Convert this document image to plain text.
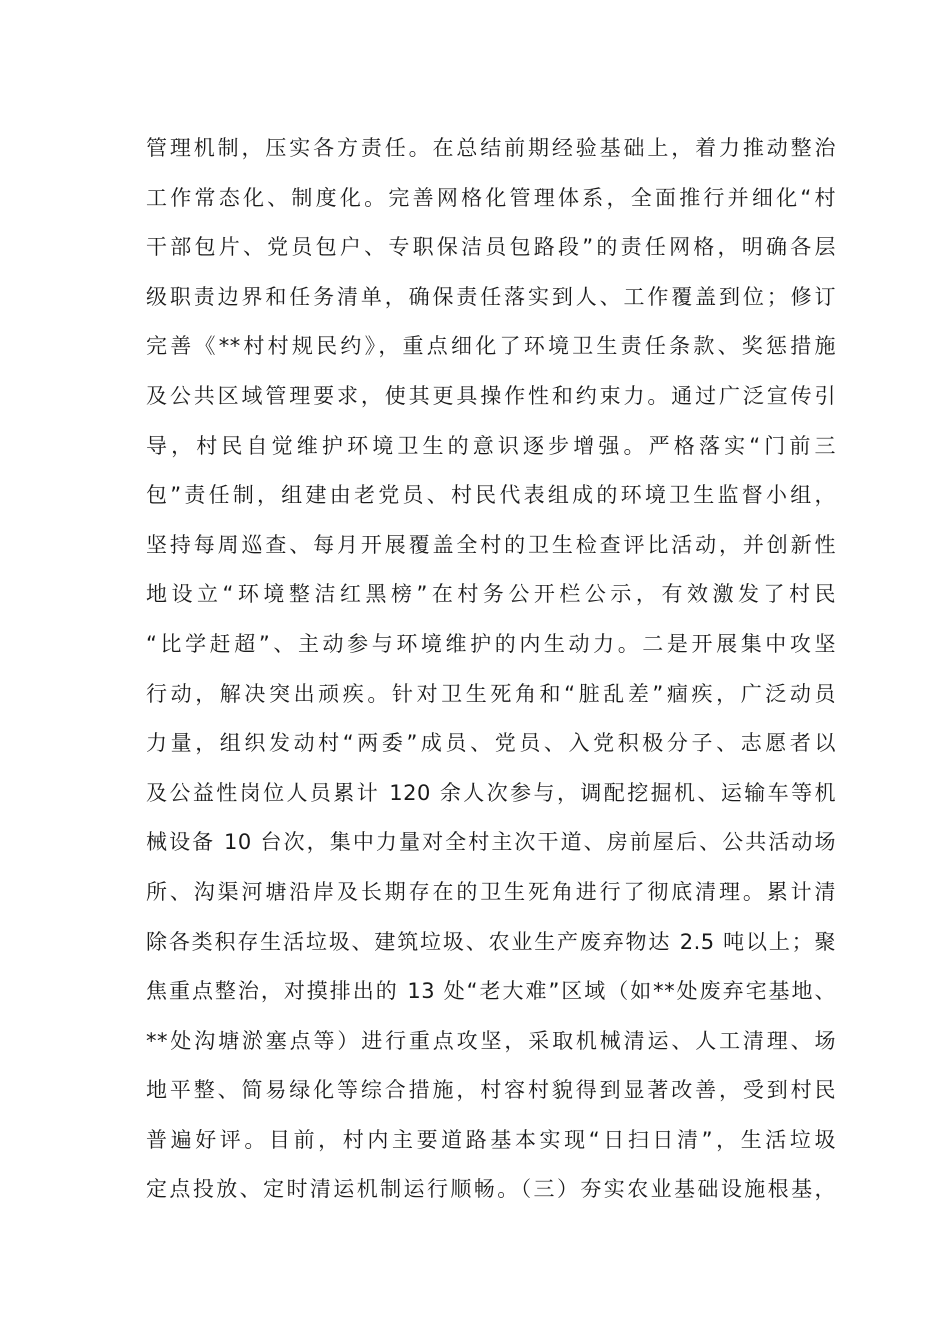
管理机制，压实各方责任。在总结前期经验基础上，着力推动整治
工作常态化、制度化。完善网格化管理体系，全面推行并细化“村
干部包片、党员包户、专职保洁员包路段”的责任网格，明确各层
级职责边界和任务清单，确保责任落实到人、工作覆盖到位；修订
完善《**村村规民约》，重点细化了环境卫生责任条款、奖惩措施
及公共区域管理要求，使其更具操作性和约束力。通过广泛宣传引
导，村民自觉维护环境卫生的意识逐步增强。严格落实“门前三
包”责任制，组建由老党员、村民代表组成的环境卫生监督小组，
坚持每周巡查、每月开展覆盖全村的卫生检查评比活动，并创新性
地设立“环境整洁红黑榜”在村务公开栏公示，有效激发了村民
“比学赶超”、主动参与环境维护的内生动力。二是开展集中攻坚
行动，解决突出顽疾。针对卫生死角和“脏乱差”痼疾，广泛动员
力量，组织发动村“两委”成员、党员、入党积极分子、志愿者以
及公益性岗位人员累计 120 余人次参与，调配挖掘机、运输车等机
械设备 10 台次，集中力量对全村主次干道、房前屋后、公共活动场
所、沟渠河塘沿岸及长期存在的卫生死角进行了彻底清理。累计清
除各类积存生活垃圾、建筑垃圾、农业生产废弃物达 2.5 吨以上；聚
焦重点整治，对摸排出的 13 处“老大难”区域（如**处废弃宅基地、
**处沟塘淤塞点等）进行重点攻坚，采取机械清运、人工清理、场
地平整、简易绿化等综合措施，村容村貌得到显著改善，受到村民
普遍好评。目前，村内主要道路基本实现“日扫日清”，生活垃圾
定点投放、定时清运机制运行顺畅。（三）夯实农业基础设施根基，
